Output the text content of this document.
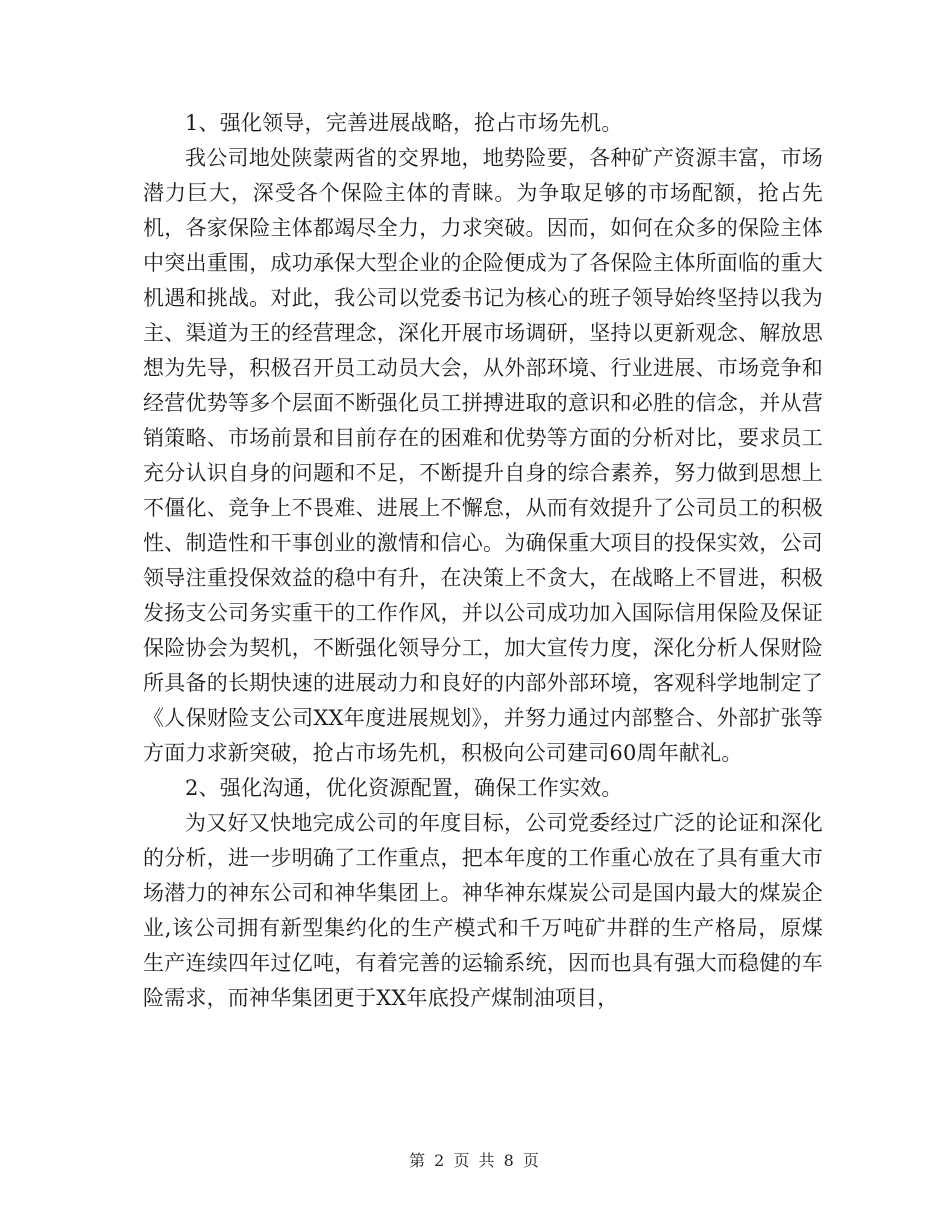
1、强化领导，完善进展战略，抢占市场先机。

我公司地处陕蒙两省的交界地，地势险要，各种矿产资源丰富，市场潜力巨大，深受各个保险主体的青睐。为争取足够的市场配额，抢占先机，各家保险主体都竭尽全力，力求突破。因而，如何在众多的保险主体中突出重围，成功承保大型企业的企险便成为了各保险主体所面临的重大机遇和挑战。对此，我公司以党委书记为核心的班子领导始终坚持以我为主、渠道为王的经营理念，深化开展市场调研，坚持以更新观念、解放思想为先导，积极召开员工动员大会，从外部环境、行业进展、市场竞争和经营优势等多个层面不断强化员工拼搏进取的意识和必胜的信念，并从营销策略、市场前景和目前存在的困难和优势等方面的分析对比，要求员工充分认识自身的问题和不足，不断提升自身的综合素养，努力做到思想上不僵化、竞争上不畏难、进展上不懈怠，从而有效提升了公司员工的积极性、制造性和干事创业的激情和信心。为确保重大项目的投保实效，公司领导注重投保效益的稳中有升，在决策上不贪大，在战略上不冒进，积极发扬支公司务实重干的工作作风，并以公司成功加入国际信用保险及保证保险协会为契机，不断强化领导分工，加大宣传力度，深化分析人保财险所具备的长期快速的进展动力和良好的内部外部环境，客观科学地制定了《人保财险支公司XX年度进展规划》，并努力通过内部整合、外部扩张等方面力求新突破，抢占市场先机，积极向公司建司60周年献礼。

2、强化沟通，优化资源配置，确保工作实效。

为又好又快地完成公司的年度目标，公司党委经过广泛的论证和深化的分析，进一步明确了工作重点，把本年度的工作重心放在了具有重大市场潜力的神东公司和神华集团上。神华神东煤炭公司是国内最大的煤炭企业,该公司拥有新型集约化的生产模式和千万吨矿井群的生产格局，原煤生产连续四年过亿吨，有着完善的运输系统，因而也具有强大而稳健的车险需求，而神华集团更于XX年底投产煤制油项目，

第 2 页 共 8 页
